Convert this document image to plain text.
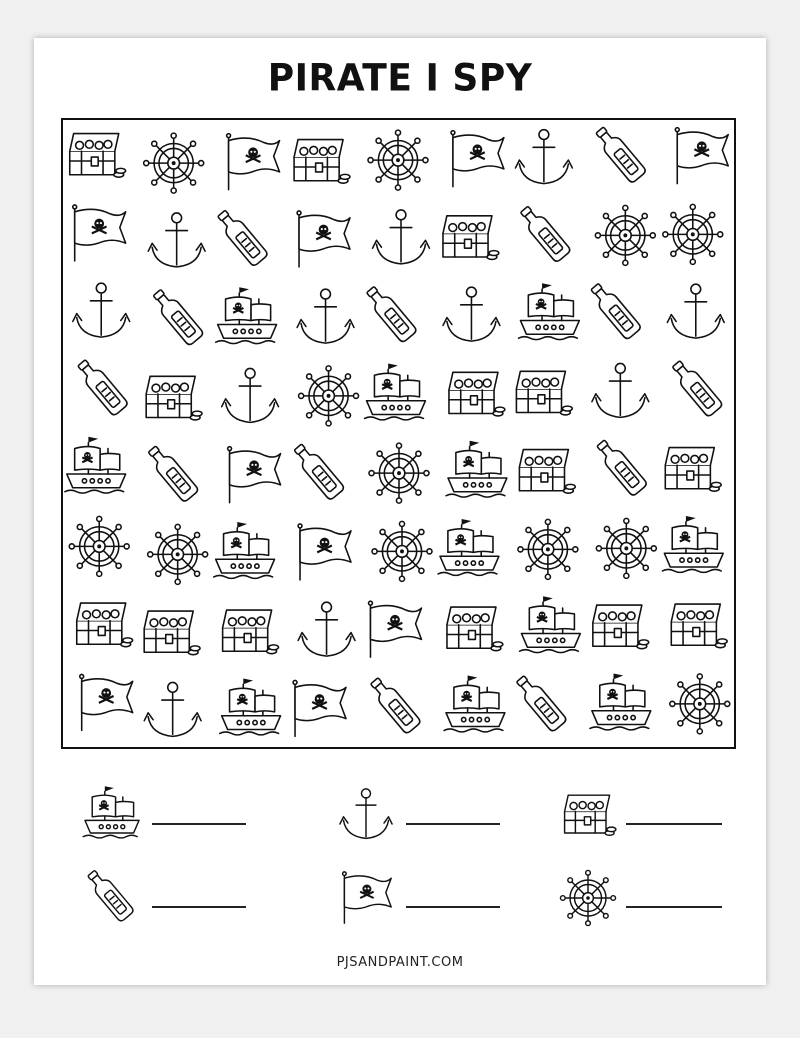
PIRATE I SPY
PJSANDPAINT.COM
